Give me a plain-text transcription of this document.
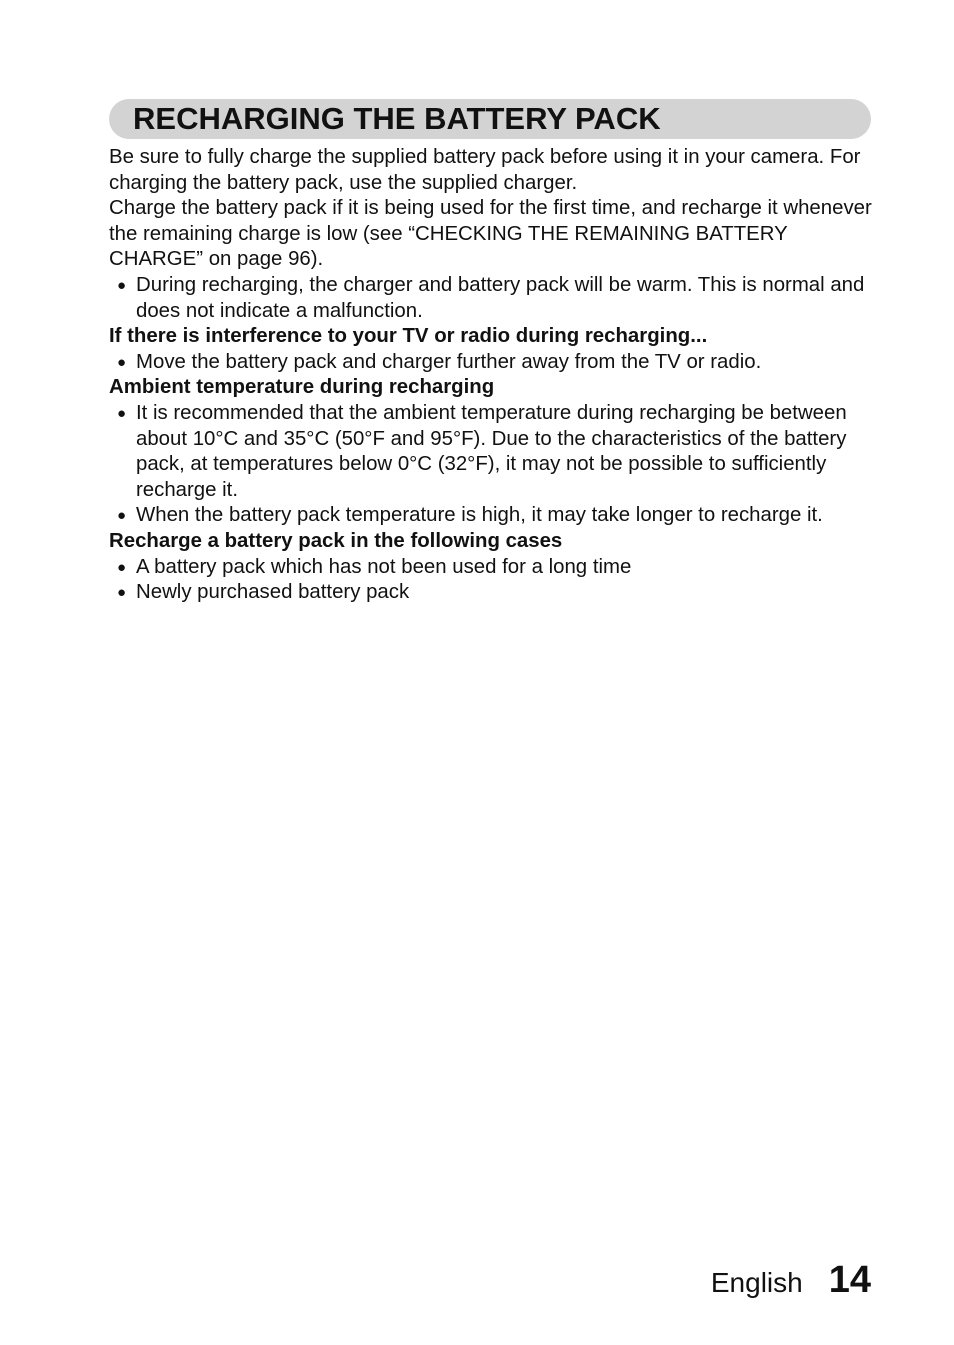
RECHARGING THE BATTERY PACK

Be sure to fully charge the supplied battery pack before using it in your camera. For charging the battery pack, use the supplied charger.

Charge the battery pack if it is being used for the first time, and recharge it whenever the remaining charge is low (see “CHECKING THE REMAINING BATTERY CHARGE” on page 96).

● During recharging, the charger and battery pack will be warm. This is normal and does not indicate a malfunction.

If there is interference to your TV or radio during recharging...

● Move the battery pack and charger further away from the TV or radio.

Ambient temperature during recharging

● It is recommended that the ambient temperature during recharging be between about 10°C and 35°C (50°F and 95°F). Due to the characteristics of the battery pack, at temperatures below 0°C (32°F), it may not be possible to sufficiently recharge it.
● When the battery pack temperature is high, it may take longer to recharge it.

Recharge a battery pack in the following cases

● A battery pack which has not been used for a long time
● Newly purchased battery pack
English 14
